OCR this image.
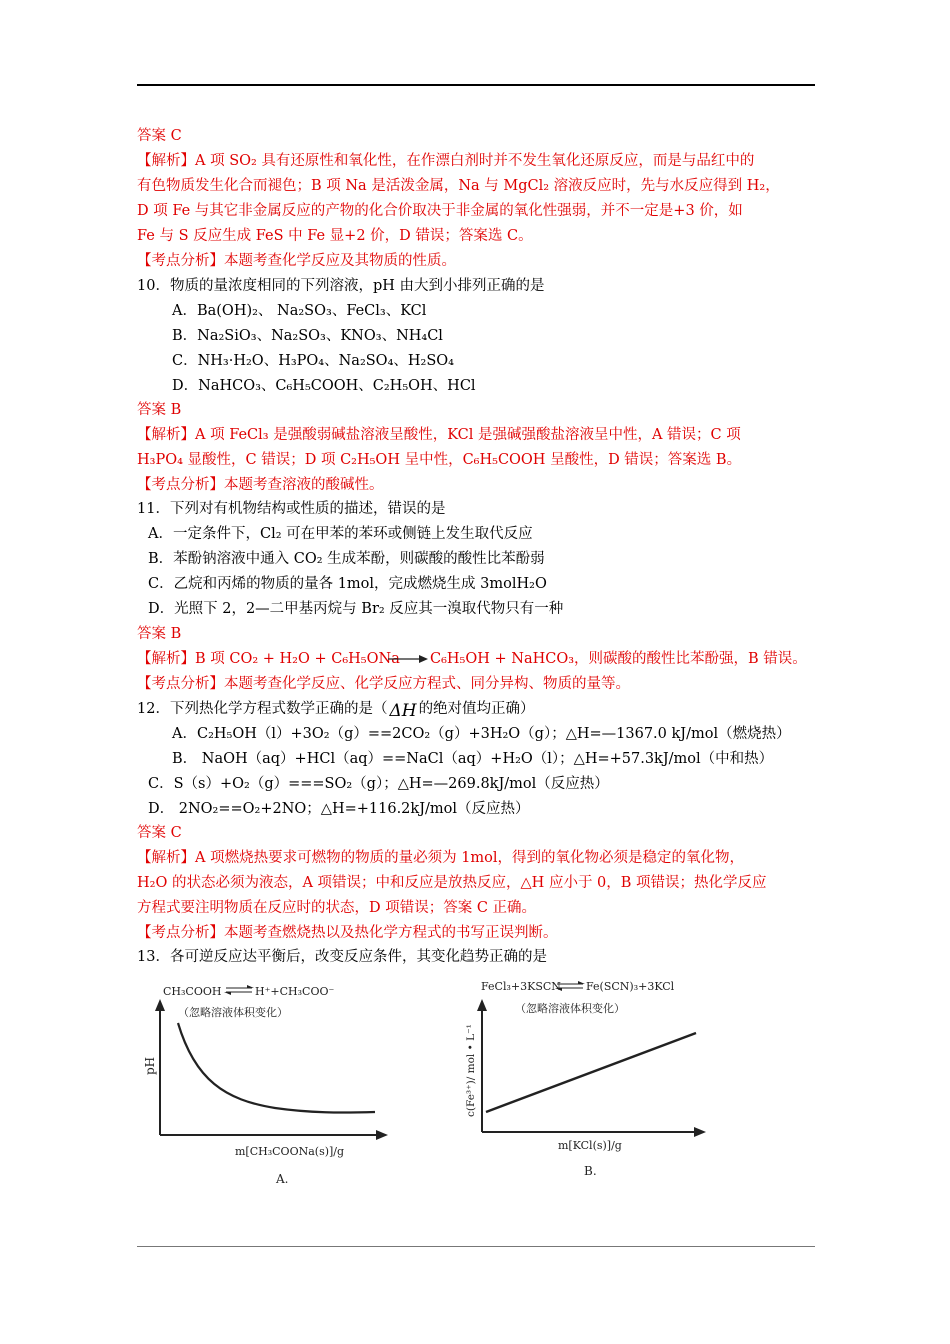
答案 C
【解析】A 项 SO₂ 具有还原性和氧化性，在作漂白剂时并不发生氧化还原反应，而是与品红中的
有色物质发生化合而褪色；B 项 Na 是活泼金属，Na 与 MgCl₂ 溶液反应时，先与水反应得到 H₂，
D 项 Fe 与其它非金属反应的产物的化合价取决于非金属的氧化性强弱，并不一定是+3 价，如
Fe 与 S 反应生成 FeS 中 Fe 显+2 价，D 错误；答案选 C。
【考点分析】本题考查化学反应及其物质的性质。
10．物质的量浓度相同的下列溶液，pH 由大到小排列正确的是
A．Ba(OH)₂、 Na₂SO₃、FeCl₃、KCl
B．Na₂SiO₃、Na₂SO₃、KNO₃、NH₄Cl
C．NH₃·H₂O、H₃PO₄、Na₂SO₄、H₂SO₄
D．NaHCO₃、C₆H₅COOH、C₂H₅OH、HCl
答案 B
【解析】A 项 FeCl₃ 是强酸弱碱盐溶液呈酸性，KCl 是强碱强酸盐溶液呈中性，A 错误；C 项
H₃PO₄ 显酸性，C 错误；D 项 C₂H₅OH 呈中性，C₆H₅COOH 呈酸性，D 错误；答案选 B。
【考点分析】本题考查溶液的酸碱性。
11．下列对有机物结构或性质的描述，错误的是
A．一定条件下，Cl₂ 可在甲苯的苯环或侧链上发生取代反应
B．苯酚钠溶液中通入 CO₂ 生成苯酚，则碳酸的酸性比苯酚弱
C．乙烷和丙烯的物质的量各 1mol，完成燃烧生成 3molH₂O
D．光照下 2，2—二甲基丙烷与 Br₂ 反应其一溴取代物只有一种
答案 B
【解析】B 项 CO₂ + H₂O + C₆H₅ONa → C₆H₅OH + NaHCO₃，则碳酸的酸性比苯酚强，B 错误。
【考点分析】本题考查化学反应、化学反应方程式、同分异构、物质的量等。
12．下列热化学方程式数学正确的是（ ΔH 的绝对值均正确）
A．C₂H₅OH（l）+3O₂（g）==2CO₂（g）+3H₂O（g）；△H=—1367.0 kJ/mol（燃烧热）
B． NaOH（aq）+HCl（aq）==NaCl（aq）+H₂O（l）；△H=+57.3kJ/mol（中和热）
C．S（s）+O₂（g）===SO₂（g）；△H=—269.8kJ/mol（反应热）
D． 2NO₂==O₂+2NO；△H=+116.2kJ/mol（反应热）
答案 C
【解析】A 项燃烧热要求可燃物的物质的量必须为 1mol，得到的氧化物必须是稳定的氧化物，
H₂O 的状态必须为液态，A 项错误；中和反应是放热反应，△H 应小于 0，B 项错误；热化学反应
方程式要注明物质在反应时的状态，D 项错误；答案 C 正确。
【考点分析】本题考查燃烧热以及热化学方程式的书写正误判断。
13．各可逆反应达平衡后，改变反应条件，其变化趋势正确的是
CH₃COOH	H⁺+CH₃COO⁻
（忽略溶液体积变化）
pH
m[CH₃COONa(s)]/g
A.
FeCl₃+3KSCN Fe(SCN)₃+3KCl
（忽略溶液体积变化）
c(Fe³⁺)/ mol • L⁻¹
m[KCl(s)]/g
B.
